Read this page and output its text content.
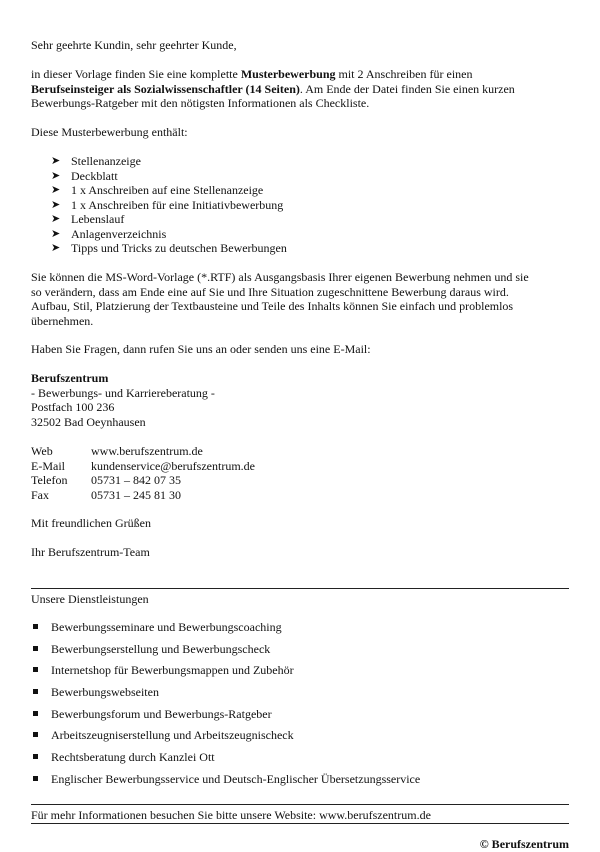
Sehr geehrte Kundin, sehr geehrter Kunde,

in dieser Vorlage finden Sie eine komplette Musterbewerbung mit 2 Anschreiben für einen

Berufseinsteiger als Sozialwissenschaftler (14 Seiten). Am Ende der Datei finden Sie einen kurzen

Bewerbungs-Ratgeber mit den nötigsten Informationen als Checkliste.

Diese Musterbewerbung enthält:

➤ Stellenanzeige
➤ Deckblatt
➤ 1 x Anschreiben auf eine Stellenanzeige
➤ 1 x Anschreiben für eine Initiativbewerbung
➤ Lebenslauf
➤ Anlagenverzeichnis
➤ Tipps und Tricks zu deutschen Bewerbungen

Sie können die MS-Word-Vorlage (*.RTF) als Ausgangsbasis Ihrer eigenen Bewerbung nehmen und sie

so verändern, dass am Ende eine auf Sie und Ihre Situation zugeschnittene Bewerbung daraus wird.

Aufbau, Stil, Platzierung der Textbausteine und Teile des Inhalts können Sie einfach und problemlos

übernehmen.

Haben Sie Fragen, dann rufen Sie uns an oder senden uns eine E-Mail:

Berufszentrum

- Bewerbungs- und Karriereberatung -

Postfach 100 236

32502 Bad Oeynhausen

Web	www.berufszentrum.de
E-Mail kundenservice@berufszentrum.de
Telefon 05731 – 842 07 35
Fax	05731 – 245 81 30

Mit freundlichen Grüßen

Ihr Berufszentrum-Team

Unsere Dienstleistungen

Bewerbungsseminare und Bewerbungscoaching
Bewerbungserstellung und Bewerbungscheck
Internetshop für Bewerbungsmappen und Zubehör
Bewerbungswebseiten
Bewerbungsforum und Bewerbungs-Ratgeber
Arbeitszeugniserstellung und Arbeitszeugnischeck
Rechtsberatung durch Kanzlei Ott
Englischer Bewerbungsservice und Deutsch-Englischer Übersetzungsservice

Für mehr Informationen besuchen Sie bitte unsere Website: www.berufszentrum.de

© Berufszentrum
